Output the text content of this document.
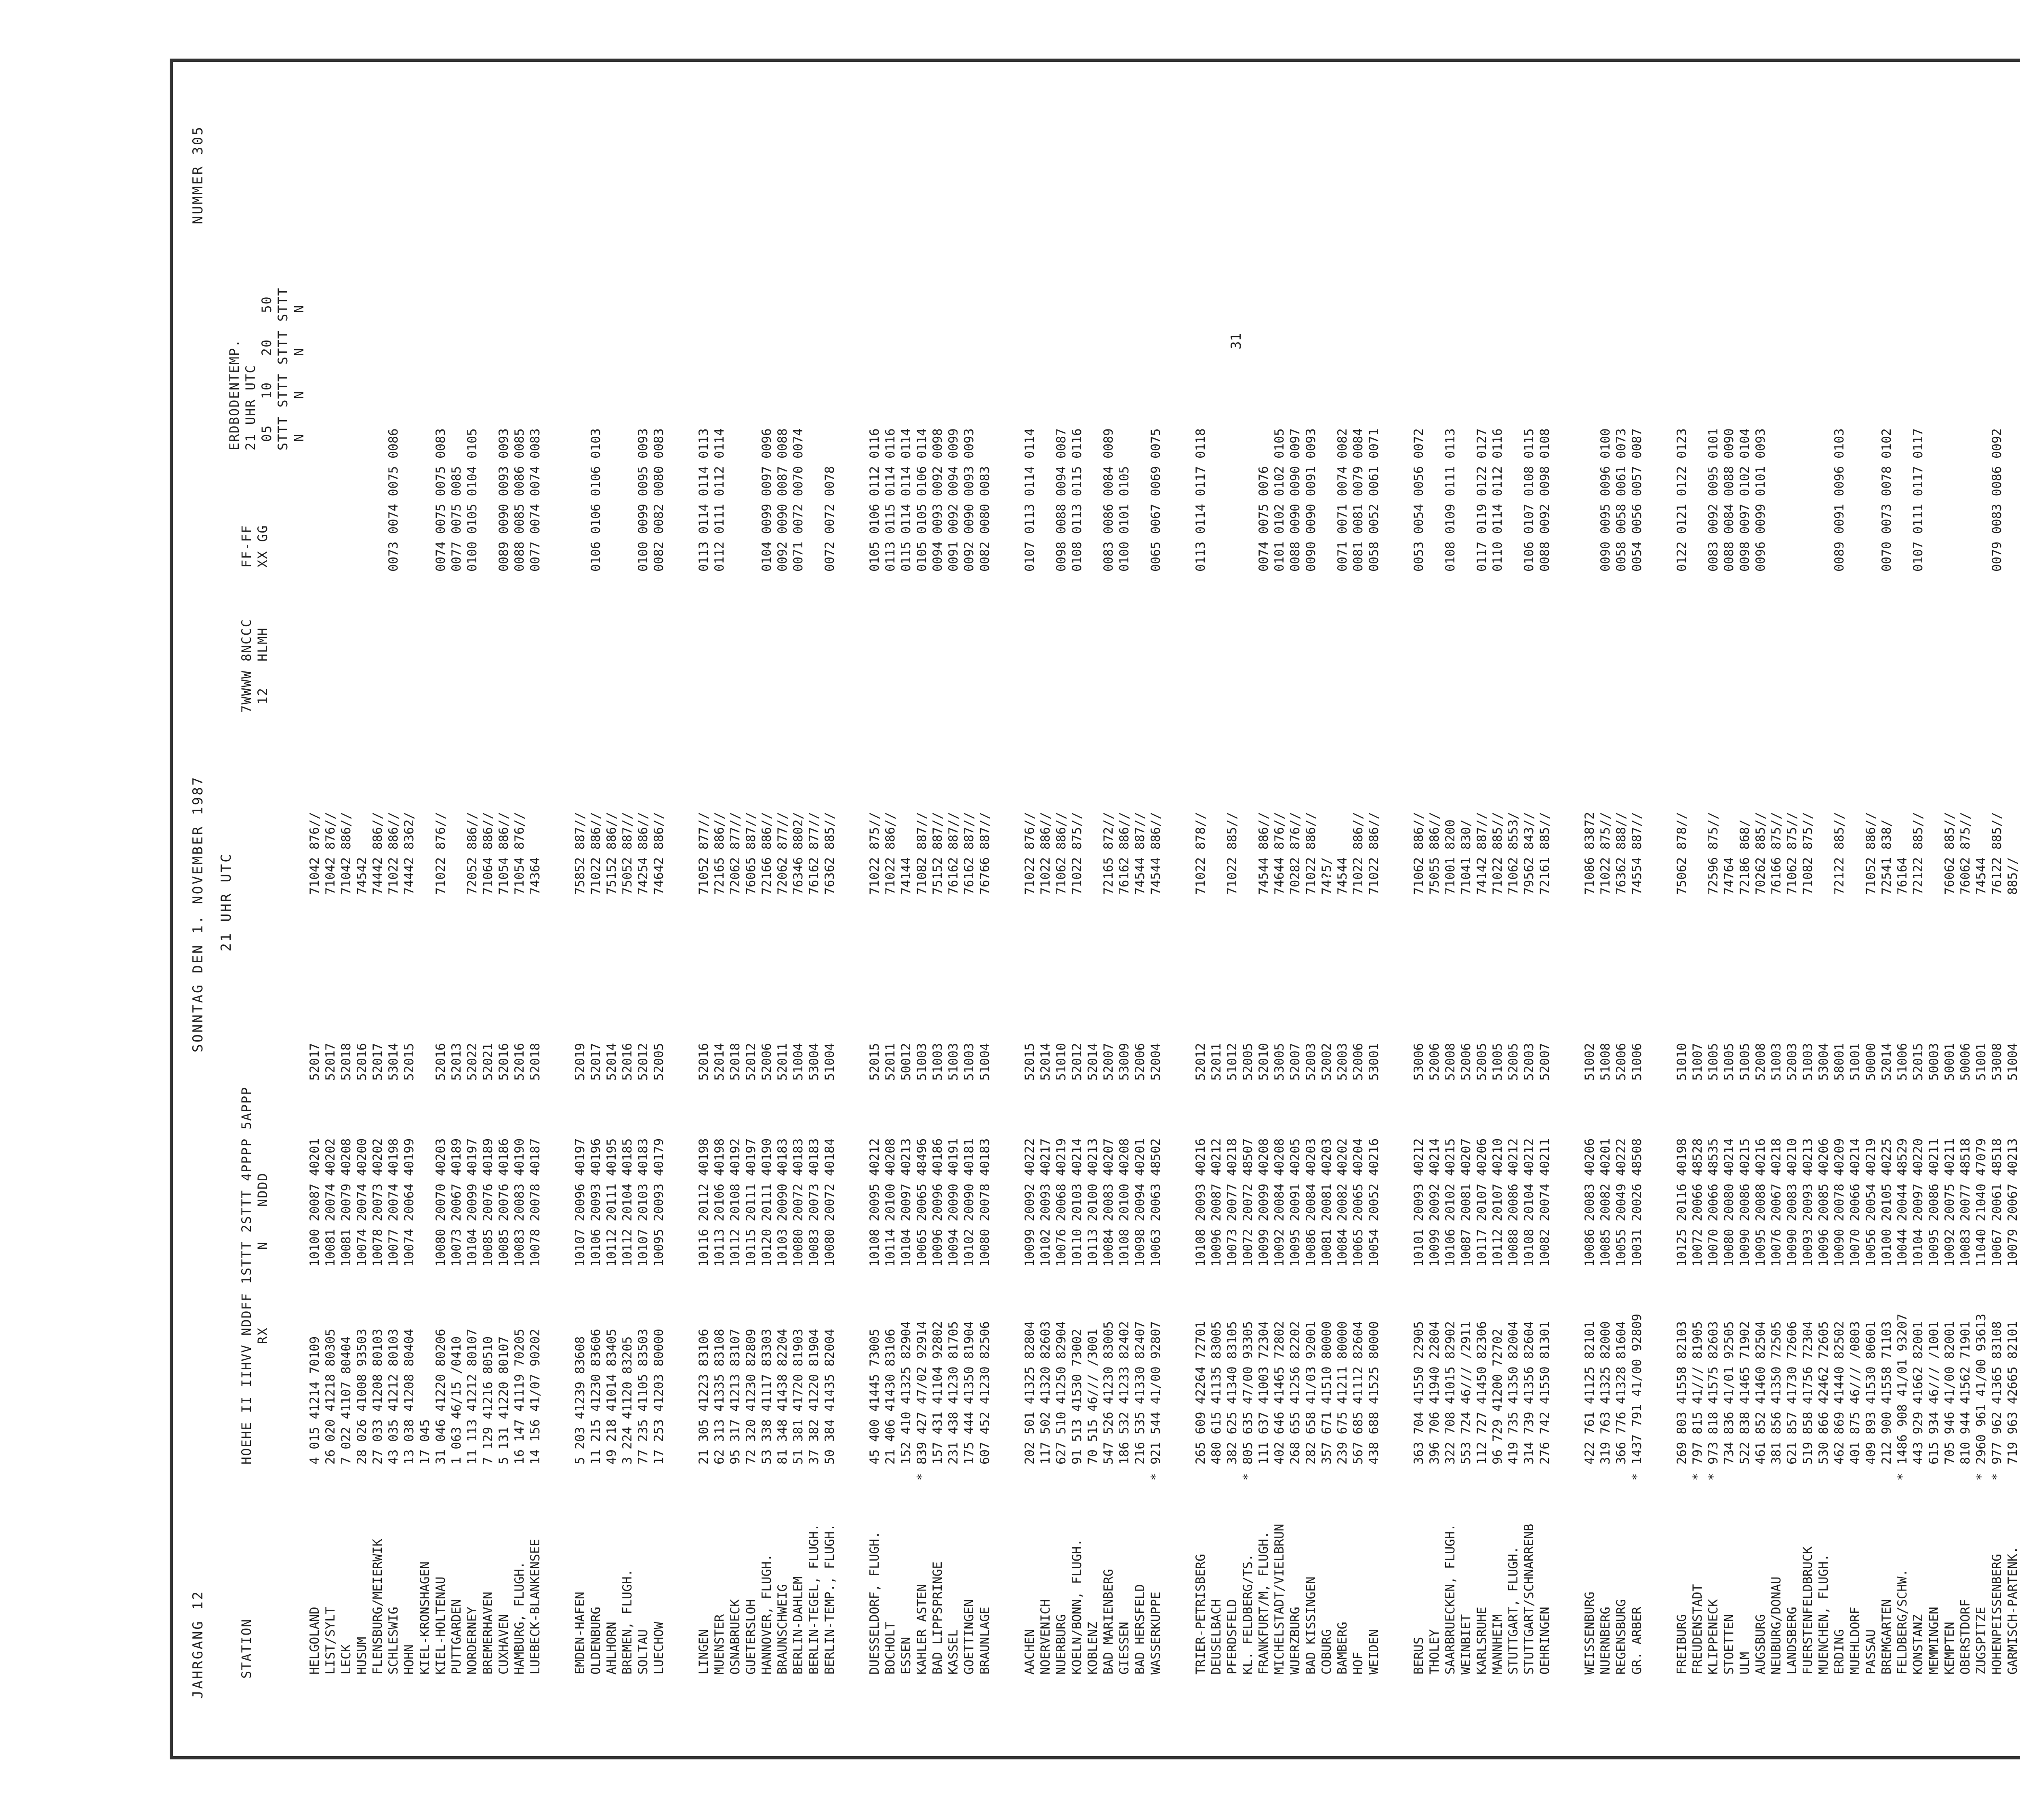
JAHRGANG 12
SONNTAG DEN 1. NOVEMBER 1987
NUMMER 305
21 UHR UTC
STATION
HOEHE II IIHVV NDDFF 1STTT 2STTT 4PPPP 5APPP
RX         N    NDDD
7WWWW 8NCCC
12   HLMH
FF-FF
XX GG
ERDBODENTEMP.
21 UHR UTC
05   10   20   50
STTT STTT STTT STTT
N    N    N    N
HELGOLAND
4 015 41214 70109
10100 20087 40201
52017
71042 876//
LIST/SYLT
26 020 41218 80305
10081 20074 40202
52017
71042 876//
LECK
7 022 41107 80404
10081 20079 40208
52018
71042 886//
HUSUM
28 026 41008 93503
10074 20074 40200
52016
74542
FLENSBURG/MEIERWIK
27 033 41208 80103
10078 20073 40202
52017
74442 886//
SCHLESWIG
43 035 41212 80103
10077 20074 40198
53014
71022 886//
0073 0074 0075 0086
HOHN
13 038 41208 80404
10074 20064 40199
52015
74442 8362/
KIEL-KRONSHAGEN
17 045
KIEL-HOLTENAU
31 046 41220 80206
10080 20070 40203
52016
71022 876//
0074 0075 0075 0083
PUTTGARDEN
1 063 46/15 /0410
10073 20067 40189
52013
0077 0075 0085
NORDERNEY
11 113 41212 80107
10104 20099 40197
52022
72052 886//
0100 0105 0104 0105
BREMERHAVEN
7 129 41216 80510
10085 20076 40189
52021
71064 886//
CUXHAVEN
5 131 41220 80107
10085 20076 40186
52016
71054 886//
0089 0090 0093 0093
HAMBURG, FLUGH.
16 147 41119 70205
10083 20083 40190
52016
71054 876//
0088 0085 0086 0085
LUEBECK-BLANKENSEE
14 156 41/07 90202
10078 20078 40187
52018
74364
0077 0074 0074 0083
EMDEN-HAFEN
5 203 41239 83608
10107 20096 40197
52019
75852 887//
OLDENBURG
11 215 41230 83606
10106 20093 40196
52017
71022 886//
0106 0106 0106 0103
AHLHORN
49 218 41014 83405
10112 20111 40195
52014
75152 886//
BREMEN, FLUGH.
3 224 41120 83205
10112 20104 40185
52016
75052 887//
SOLTAU
77 235 41105 83503
10107 20103 40183
52012
74254 886//
0100 0099 0095 0093
LUECHOW
17 253 41203 80000
10095 20093 40179
52005
74642 886//
0082 0082 0080 0083
LINGEN
21 305 41223 83106
10116 20112 40198
52016
71052 877//
0113 0114 0114 0113
MUENSTER
62 313 41335 83108
10113 20106 40198
52014
72165 886//
0112 0111 0112 0114
OSNABRUECK
95 317 41213 83107
10112 20108 40192
52018
72062 877//
GUETERSLOH
72 320 41230 82809
10115 20111 40197
52012
76065 887//
HANNOVER, FLUGH.
53 338 41117 83303
10120 20111 40190
52006
72166 886//
0104 0099 0097 0096
BRAUNSCHWEIG
81 348 41438 82204
10103 20090 40183
52011
72062 877//
0092 0090 0087 0088
BERLIN-DAHLEM
51 381 41720 81903
10080 20072 40183
51004
76346 8802/
0071 0072 0070 0074
BERLIN-TEGEL, FLUGH.
37 382 41220 81904
10083 20073 40183
53004
76162 877//
BERLIN-TEMP., FLUGH.
50 384 41435 82004
10080 20072 40184
51004
76362 885//
0072 0072 0078
DUESSELDORF, FLUGH.
45 400 41445 73005
10108 20095 40212
52015
71022 875//
0105 0106 0112 0116
BOCHOLT
21 406 41430 83106
10114 20100 40208
52011
71022 886//
0113 0115 0114 0116
ESSEN
152 410 41325 82904
10104 20097 40213
50012
74144
0115 0114 0114 0114
KAHLER ASTEN
*
839 427 47/02 92914
10065 20065 48496
51003
71082 887//
0105 0105 0106 0114
BAD LIPPSPRINGE
157 431 41104 92802
10096 20096 40186
51003
75152 887//
0094 0093 0092 0098
KASSEL
231 438 41230 81705
10094 20090 40191
51003
76162 887//
0091 0092 0094 0099
GOETTINGEN
175 444 41350 81904
10102 20090 40181
51003
76162 887//
0092 0090 0093 0093
BRAUNLAGE
607 452 41230 82506
10080 20078 40183
51004
76766 887//
0082 0080 0083
AACHEN
202 501 41325 82804
10099 20092 40222
52015
71022 876//
0107 0113 0114 0114
NOERVENICH
117 502 41320 82603
10102 20093 40217
52014
71022 886//
NUERBURG
627 510 41250 82904
10076 20068 40219
51010
71062 886//
0098 0088 0094 0087
KOELN/BONN, FLUGH.
91 513 41530 73002
10110 20103 40214
52012
71022 875//
0108 0113 0115 0116
KOBLENZ
70 515 46/// /3001
10113 20100 40213
52014
BAD MARIENBERG
547 526 41230 83005
10084 20083 40207
52007
72165 872//
0083 0086 0084 0089
GIESSEN
186 532 41233 82402
10108 20100 40208
53009
76162 886//
0100 0101 0105
BAD HERSFELD
216 535 41330 82407
10098 20094 40201
52006
74544 887//
WASSERKUPPE
*
921 544 41/00 92807
10063 20063 48502
52004
74544 886//
0065 0067 0069 0075
TRIER-PETRISBERG
265 609 42264 72701
10108 20093 40216
52012
71022 878//
0113 0114 0117 0118
DEUSELBACH
480 615 41135 83005
10096 20087 40212
52011
PFERDSFELD
382 625 41340 83105
10073 20077 40218
51012
71022 885//
KL. FELDBERG/TS.
*
805 635 47/00 93305
10072 20072 48507
52005
FRANKFURT/M, FLUGH.
111 637 41003 72304
10099 20099 40208
52010
74544 886//
0074 0075 0076
MICHELSTADT/VIELBRUN
402 646 41465 72802
10092 20084 40208
53005
74644 876//
0101 0102 0102 0105
WUERZBURG
268 655 41256 82202
10095 20091 40205
52007
70282 876//
0088 0090 0090 0097
BAD KISSINGEN
282 658 41/03 92001
10086 20084 40203
52003
71022 886//
0090 0090 0091 0093
COBURG
357 671 41510 80000
10081 20081 40203
52002
74?5/
BAMBERG
239 675 41211 80000
10084 20082 40202
52003
74544
0071 0071 0074 0082
HOF
567 685 41112 82604
10065 20065 40204
52006
71022 886//
0081 0081 0079 0084
WEIDEN
438 688 41525 80000
10054 20052 40216
53001
71022 886//
0058 0052 0061 0071
BERUS
363 704 41550 22905
10101 20093 40212
53006
71062 886//
0053 0054 0056 0072
THOLEY
396 706 41940 22804
10099 20092 40214
52006
75055 886//
SAARBRUECKEN, FLUGH.
322 708 41015 82902
10106 20102 40215
52008
71001 8200
0108 0109 0111 0113
WEINBIET
553 724 46/// /2911
10087 20081 40207
52006
71041 830/
KARLSRUHE
112 727 41450 82306
10117 20107 40206
52005
74142 887//
0117 0119 0122 0127
MANNHEIM
96 729 41200 72702
10112 20107 40210
51005
71022 885//
0110 0114 0112 0116
STUTTGART, FLUGH.
419 735 41350 82004
10088 20086 40212
52005
71062 8553/
STUTTGART/SCHNARRENB
314 739 41356 82604
10108 20104 40212
52003
79562 843//
0106 0107 0108 0115
OEHRINGEN
276 742 41550 81301
10082 20074 40211
52007
72161 885//
0088 0092 0098 0108
WEISSENBURG
422 761 41125 82101
10086 20083 40206
51002
71086 83872
NUERNBERG
319 763 41325 82000
10085 20082 40201
51008
71022 875//
0090 0095 0096 0100
REGENSBURG
366 776 41328 81604
10055 20049 40222
52006
76362 888//
0058 0058 0061 0073
GR. ARBER
*
1437 791 41/00 92809
10031 20026 48508
51006
74554 887//
0054 0056 0057 0087
FREIBURG
269 803 41558 82103
10125 20116 40198
51010
75062 878//
0122 0121 0122 0123
FREUDENSTADT
*
797 815 41/// 81905
10072 20066 48528
51007
KLIPPENECK
*
973 818 41575 82603
10070 20066 48535
51005
72596 875//
0083 0092 0095 0101
STOETTEN
734 836 41/01 92505
10080 20080 40214
51005
74764
0088 0084 0088 0090
ULM
522 838 41465 71902
10090 20086 40215
51005
72186 868/
0098 0097 0102 0104
AUGSBURG
461 852 41460 82504
10095 20088 40216
52008
70262 885//
0096 0099 0101 0093
NEUBURG/DONAU
381 856 41350 72505
10076 20067 40218
51003
76166 875//
LANDSBERG
621 857 41730 72606
10090 20083 40210
52003
71062 875//
FUERSTENFELDBRUCK
519 858 41756 72304
10093 20093 40213
51003
71082 875//
MUENCHEN, FLUGH.
530 866 42462 72605
10096 20085 40206
53004
ERDING
462 869 41440 82502
10090 20078 40209
58001
72122 885//
0089 0091 0096 0103
MUEHLDORF
401 875 46/// /0803
10070 20066 40214
51001
PASSAU
409 893 41530 80601
10056 20054 40219
50000
71052 886//
BREMGARTEN
212 900 41558 71103
10100 20105 40225
52014
72541 838/
0070 0073 0078 0102
FELDBERG/SCHW.
*
1486 908 41/01 93207
10044 20044 48529
51006
76164
KONSTANZ
443 929 41662 82001
10104 20097 40220
52015
72122 885//
0107 0111 0117 0117
MEMMINGEN
615 934 46/// /1001
10095 20086 40211
50003
KEMPTEN
705 946 41/00 82001
10092 20075 40211
50001
76062 885//
OBERSTDORF
810 944 41562 71901
10083 20077 48518
50006
76062 875//
ZUGSPITZE
*
2960 961 41/00 93613
11040 21040 47079
51001
74544
HOHENPEISSENBERG
*
977 962 41365 83108
10067 20061 48518
53008
76122 885//
0079 0083 0086 0092
GARMISCH-PARTENK.
719 963 42665 82101
10079 20067 40213
51004
885//
31
